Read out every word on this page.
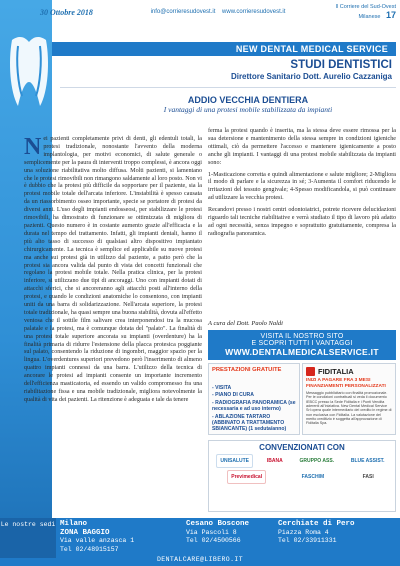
30 Ottobre 2018	info@corrieresudovest.it www.corrieresudovest.it
Il Corriere del Sud-Ovest Milanese 17
NEW DENTAL MEDICAL SERVICE
STUDI DENTISTICI
Direttore Sanitario Dott. Aurelio Cazzaniga
ADDIO VECCHIA DENTIERA
I vantaggi di una protesi mobile stabilizzata da impianti
N ei pazienti completamente privi di denti, gli edentuli totali, la protesi tradizionale, nonostante l'avvento della moderna implantologia, per motivi economici, di salute generale o semplicemente per la paura di interventi troppo complessi, è ancora oggi una soluzione riabilitativa molto diffusa. Molti pazienti, si lamentano che le protesi rimovibili non rimangono saldamente al loro posto. Non vi è dubbio che la protesi più difficile da sopportare per il paziente, sia la protesi mobile totale dell'arcata inferiore. L'instabilità è spesso causata da un riassorbimento osseo importante, specie se portatore di protesi da diversi anni. L'uso degli impianti endosseosi, per stabilizzare le protesi rimovibili, ha dimostrato di funzionare se ottimizzata di migliora di pazienti. Questo numero è in costante aumento grazie all'efficacia e la durata nel tempo del trattamento. Infatti, gli impianti dentali, hanno il più alto tasso di successo di qualsiasi altro dispositivo impiantato chirurgicamente. La tecnica è semplice ed applicabile su nuove protesi ma anche sui protesi già in utilizzo dal paziente, a patto però che la protesi sia ancora valida dal punto di vista dei concetti funzionali che regolano la protesi mobile totale. Nella pratica clinica, per la protesi inferiore, si utilizzano due tipi di ancoraggi. Uno con impianti dotati di attacchi sferici, che si ancoreranno agli attacchi posti all'interno della protesi, e quando le condizioni anatomiche lo consentono, con impianti uniti da una barra di solidarizzazione. Nell'arcata superiore, la protesi totale tradizionale, ha quasi sempre una buona stabilità, dovuta all'effetto ventosa che il sottile film salivare crea interponendosi tra la mucosa palatale e la protesi, ma è comunque dotata del "palato". La finalità di una protesi totale superiore ancorata su impianti (overdenture) ha la finalità primaria di ridurre l'estensione della placca protesica poggiante sul palato, consentendo la riduzione di ingombri, maggior spazio per la lingua. L'overdentures superiori prevedono però l'inserimento di almeno quattro impianti connessi da una barra. L'utilizzo della tecnica di ancorare le protesi ad impianti consente un importante incremento dell'efficienza masticatoria, ed essendo un valido compromesso fra una riabilitazione fissa e una mobile tradizionale, migliora notevolmente la qualità di vita dei pazienti. La ritenzione è adeguata e tale da tenere

ferma la protesi quando è inserita, ma la stessa deve essere rimossa per la sua detersione e mantenimento della stessa sempre in condizioni igieniche ottimali, ciò da permettere l'accesso e mantenere igienicamente a posto anche gli impianti. I vantaggi di una protesi mobile stabilizzata da impianti sono:

1-Masticazione corretta e quindi alimentazione e salute migliore; 2-Migliora il modo di parlare e la sicurezza in sé; 3-Aumenta il comfort riducendo le irritazioni del tessuto gengivale; 4-Spesso modificandola, si può continuare ad utilizzare la vecchia protesi.

Recandovi presso i nostri centri odontoiatrici, potrete ricevere delucidazioni riguardo tali tecniche riabilitative e verrà studiato il tipo di lavoro più adatto ad ogni necessità, senza impegno e soprattutto gratuitamente, compresa la radiografia panoramica.

A cura del Dott. Paolo Naldi
VISITA IL NOSTRO SITO
E SCOPRI TUTTI I VANTAGGI
WWW.DENTALMEDICALSERVICE.IT
PRESTAZIONI GRATUITE
- VISITA
- PIANO DI CURA
- RADIOGRAFIA PANORAMICA (se necessaria e ad uso interno)
- ABLAZIONE TARTARO (ABBINATO A TRATTAMENTO SBIANCANTE) (1 seduta/anno)
FIDITALIA
INIZI A PAGARE FRA 3 MESI FINANZIAMENTI PERSONALIZZATI
Messaggio pubblicitario con finalità promozionale. Per le condizioni contrattuali si veda il documento IEBCC presso la Sede Fiditalia e i Punti Vendita aderenti all'iniziativa. New Dental Medical Service Srl opera quale intermediario del credito in regime di non esclusiva con Fiditalia. La valutazione del merito creditizio è soggetta all'approvazione di Fiditalia Spa.
CONVENZIONATI CON
UNISALUTE	IBANA	GRUPPO ASS.	BLUE ASSIST.
Previmedical	FASCHIM	FASI
Le nostre sedi Milano
ZONA BAGGIO
Via valle anzasca 1
Tel 02/48915157
Cesano Boscone
Via Pascoli 8
Tel 02/4500566
Cerchiate di Pero
Piazza Roma 4
Tel 02/33911331
DENTALCARE@LIBERO.IT
